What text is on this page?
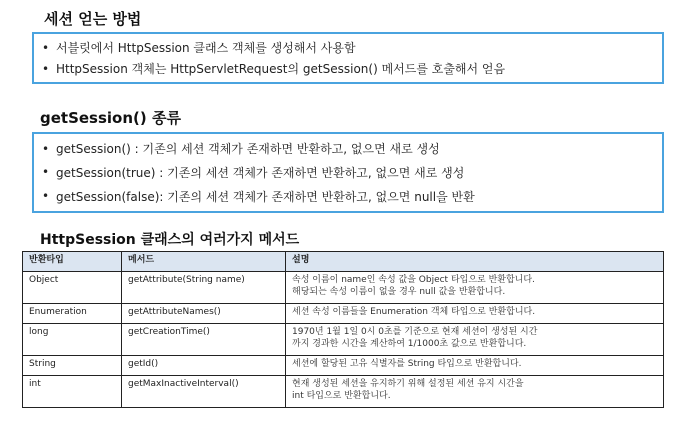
세션 얻는 방법
• 서블릿에서 HttpSession 클래스 객체를 생성해서 사용함
• HttpSession 객체는 HttpServletRequest의 getSession() 메서드를 호출해서 얻음
getSession() 종류
• getSession() : 기존의 세션 객체가 존재하면 반환하고, 없으면 새로 생성
• getSession(true) : 기존의 세션 객체가 존재하면 반환하고, 없으면 새로 생성
• getSession(false): 기존의 세션 객체가 존재하면 반환하고, 없으면 null을 반환
HttpSession 클래스의 여러가지 메서드
반환타입	메서드	설명
Object	getAttribute(String name)	속성 이름이 name인 속성 값을 Object 타입으로 반환합니다.
해당되는 속성 이름이 없을 경우 null 값을 반환합니다.
Enumeration	getAttributeNames()	세션 속성 이름들을 Enumeration 객체 타입으로 반환합니다.
long	getCreationTime()	1970년 1월 1일 0시 0초를 기준으로 현재 세션이 생성된 시간
까지 경과한 시간을 계산하여 1/1000초 값으로 반환합니다.
String	getId()	세션에 할당된 고유 식별자를 String 타입으로 반환합니다.
int	getMaxInactiveInterval()	현재 생성된 세션을 유지하기 위해 설정된 세션 유지 시간을
int 타입으로 반환합니다.
